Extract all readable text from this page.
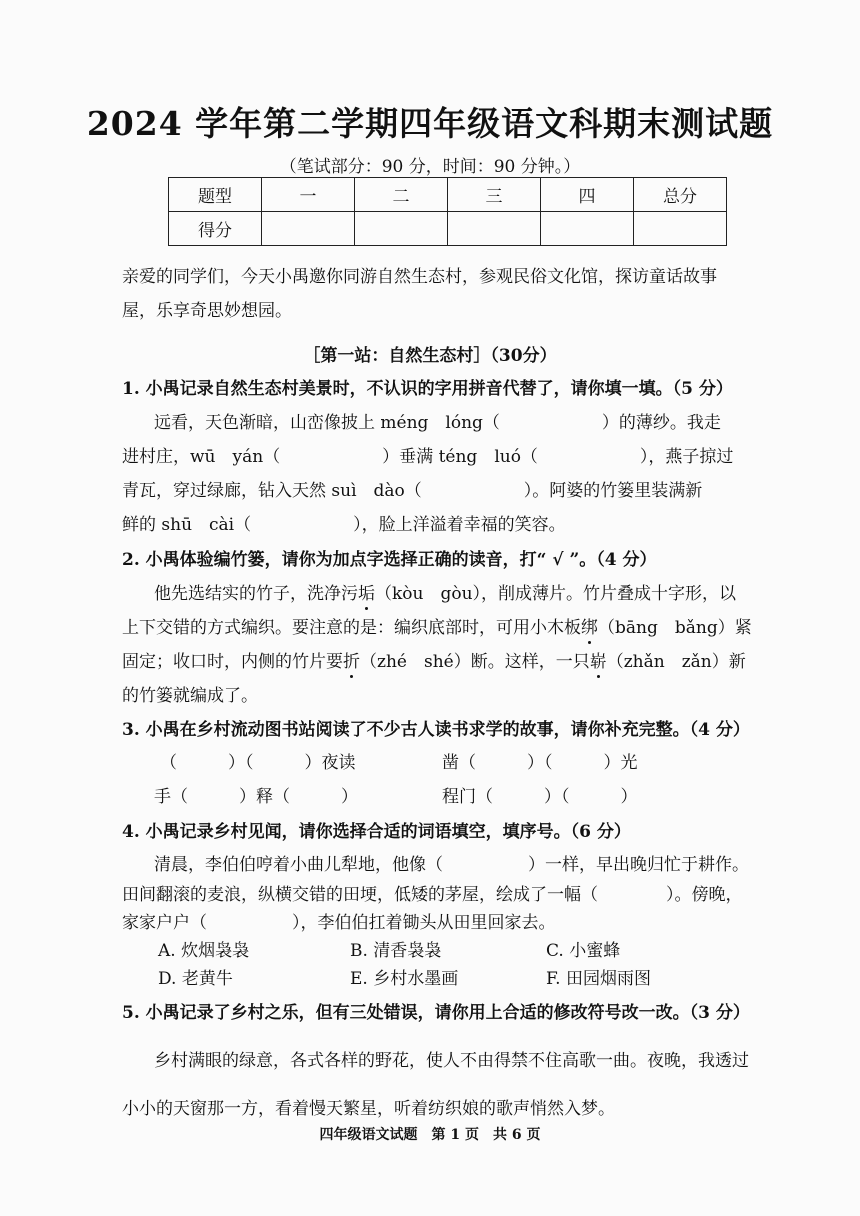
2024 学年第二学期四年级语文科期末测试题
（笔试部分：90 分，时间：90 分钟。）
题型	一	二	三	四	总分
得分					
亲爱的同学们，今天小禺邀你同游自然生态村，参观民俗文化馆，探访童话故事
屋，乐享奇思妙想园。
［第一站：自然生态村］（30分）
1. 小禺记录自然生态村美景时，不认识的字用拼音代替了，请你填一填。（5 分）
远看，天色渐暗，山峦像披上 méng　lóng（　　　　　　）的薄纱。我走
进村庄，wū　yán（　　　　　　）垂满 téng　luó（　　　　　　），燕子掠过
青瓦，穿过绿廊，钻入天然 suì　dào（　　　　　　）。阿婆的竹篓里装满新
鲜的 shū　cài（　　　　　　），脸上洋溢着幸福的笑容。
2. 小禺体验编竹篓，请你为加点字选择正确的读音，打“ √ ”。（4 分）
他先选结实的竹子，洗净污垢（kòu　gòu），削成薄片。竹片叠成十字形，以
上下交错的方式编织。要注意的是：编织底部时，可用小木板绑（bāng　bǎng）紧
固定；收口时，内侧的竹片要折（zhé　shé）断。这样，一只崭（zhǎn　zǎn）新
的竹篓就编成了。
3. 小禺在乡村流动图书站阅读了不少古人读书求学的故事，请你补充完整。（4 分）
（　　　）（　　　）夜读	凿（　　　）（　　　）光
手（　　　）释（　　　）	程门（　　　）（　　　）
4. 小禺记录乡村见闻，请你选择合适的词语填空，填序号。（6 分）
清晨，李伯伯哼着小曲儿犁地，他像（　　　　　）一样，早出晚归忙于耕作。
田间翻滚的麦浪，纵横交错的田埂，低矮的茅屋，绘成了一幅（　　　　）。傍晚，
家家户户（　　　　　），李伯伯扛着锄头从田里回家去。
A. 炊烟袅袅	B. 清香袅袅	C. 小蜜蜂
D. 老黄牛	E. 乡村水墨画	F. 田园烟雨图
5. 小禺记录了乡村之乐，但有三处错误，请你用上合适的修改符号改一改。（3 分）
乡村满眼的绿意，各式各样的野花，使人不由得禁不住高歌一曲。夜晚，我透过
小小的天窗那一方，看着慢天繁星，听着纺织娘的歌声悄然入梦。
四年级语文试题　第 1 页　共 6 页
